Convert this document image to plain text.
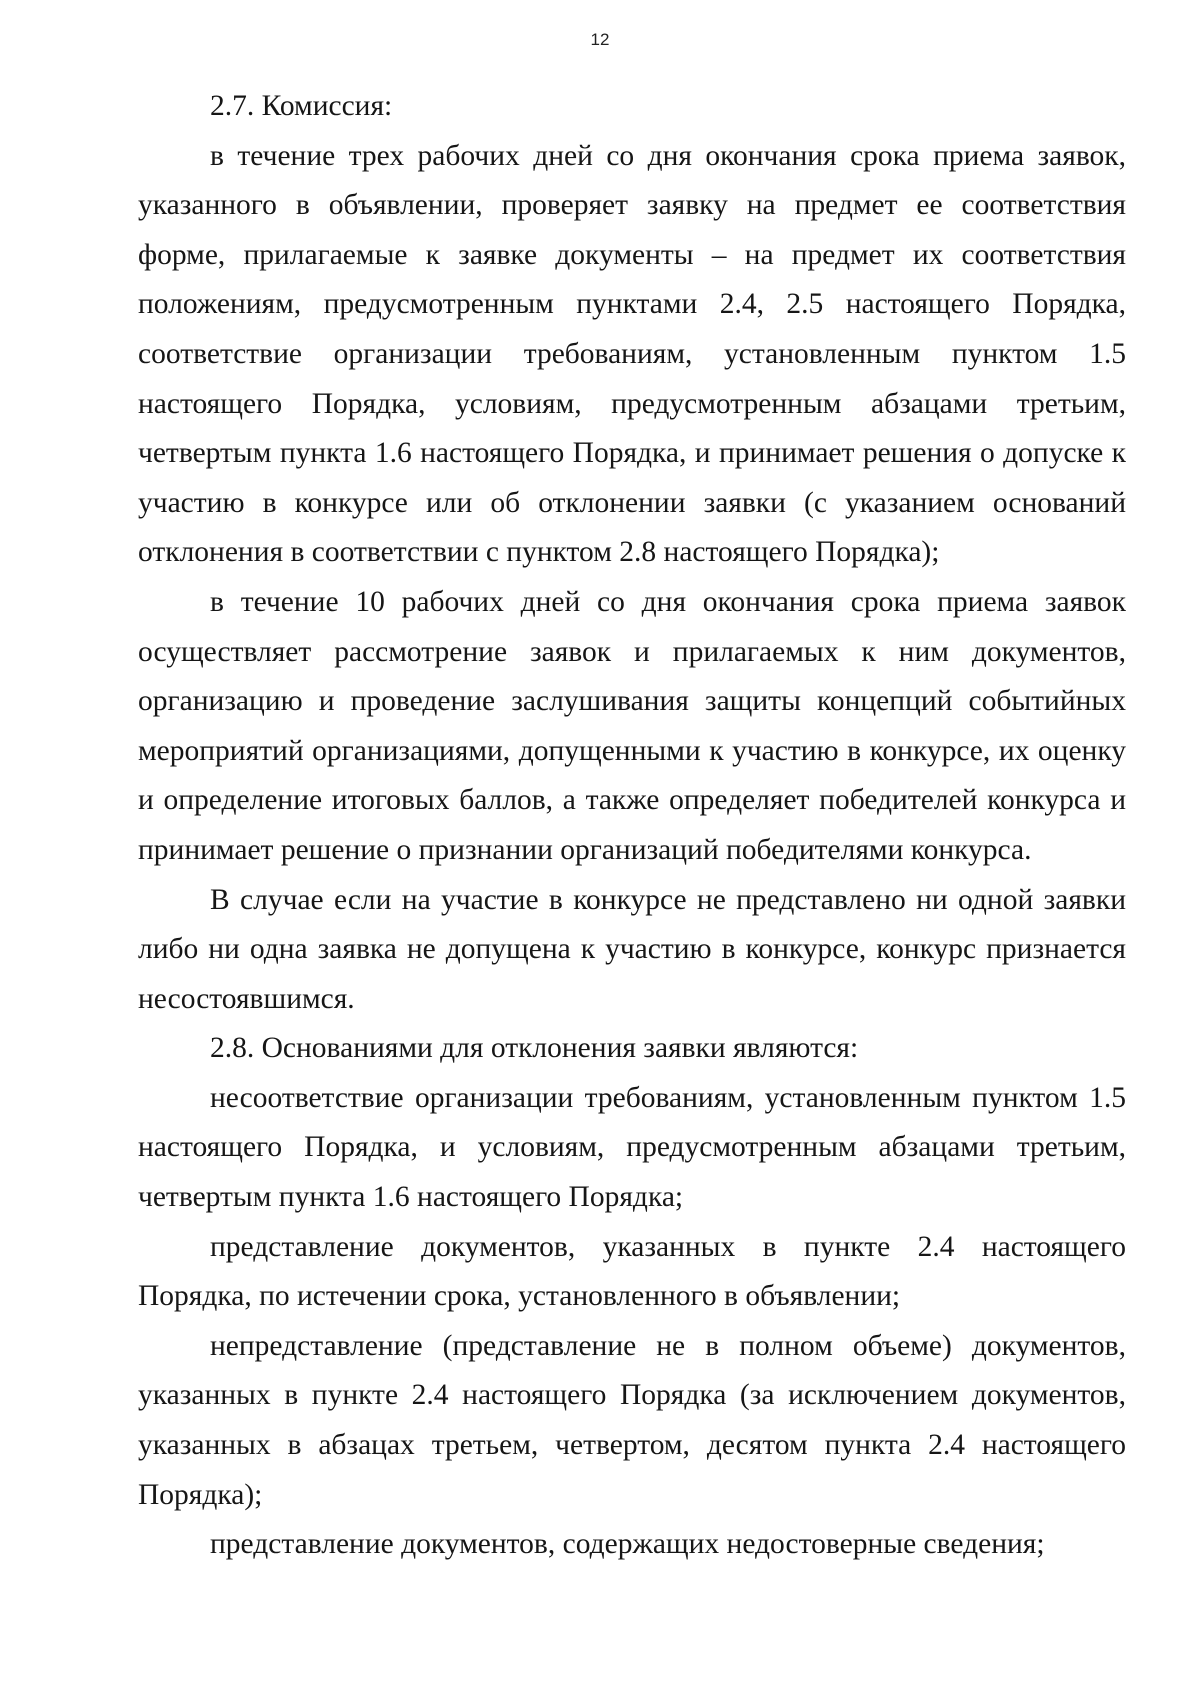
12

2.7. Комиссия:

в течение трех рабочих дней со дня окончания срока приема заявок, указанного в объявлении, проверяет заявку на предмет ее соответствия форме, прилагаемые к заявке документы – на предмет их соответствия положениям, предусмотренным пунктами 2.4, 2.5 настоящего Порядка, соответствие организации требованиям, установленным пунктом 1.5 настоящего Порядка, условиям, предусмотренным абзацами третьим, четвертым пункта 1.6 настоящего Порядка, и принимает решения о допуске к участию в конкурсе или об отклонении заявки (с указанием оснований отклонения в соответствии с пунктом 2.8 настоящего Порядка);

в течение 10 рабочих дней со дня окончания срока приема заявок осуществляет рассмотрение заявок и прилагаемых к ним документов, организацию и проведение заслушивания защиты концепций событийных мероприятий организациями, допущенными к участию в конкурсе, их оценку и определение итоговых баллов, а также определяет победителей конкурса и принимает решение о признании организаций победителями конкурса.

В случае если на участие в конкурсе не представлено ни одной заявки либо ни одна заявка не допущена к участию в конкурсе, конкурс признается несостоявшимся.

2.8. Основаниями для отклонения заявки являются:

несоответствие организации требованиям, установленным пунктом 1.5 настоящего Порядка, и условиям, предусмотренным абзацами третьим, четвертым пункта 1.6 настоящего Порядка;

представление документов, указанных в пункте 2.4 настоящего Порядка, по истечении срока, установленного в объявлении;

непредставление (представление не в полном объеме) документов, указанных в пункте 2.4 настоящего Порядка (за исключением документов, указанных в абзацах третьем, четвертом, десятом пункта 2.4 настоящего Порядка);

представление документов, содержащих недостоверные сведения;
